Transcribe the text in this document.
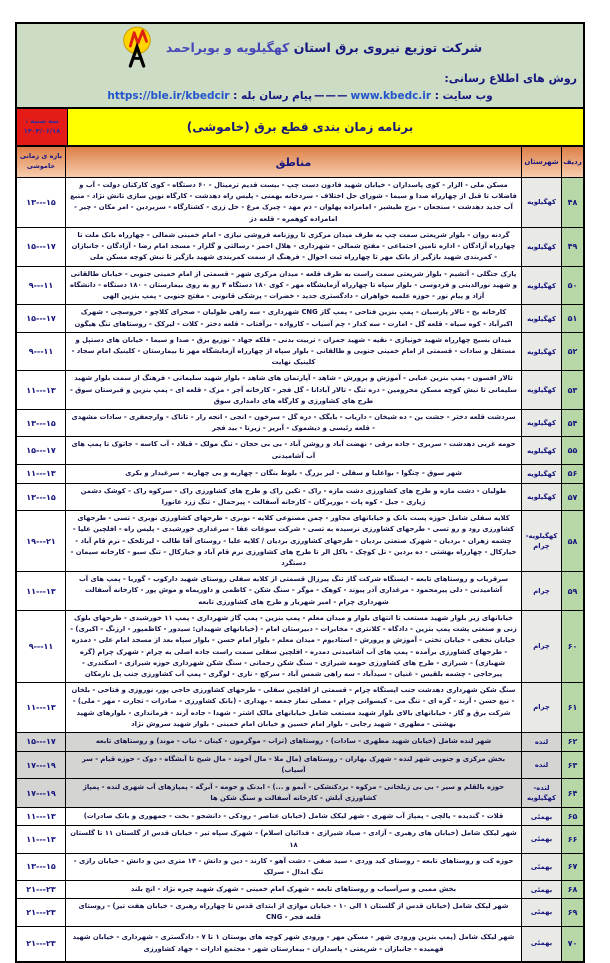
شرکت توزیع نیروی برق استان کهگیلویه و بویراحمد
روش های اطلاع رسانی:
وب سایت : www.kbedc.ir———پیام رسان بله : https://ble.ir/kbedcir
سه شنبه :
۱۴۰۴/۰۶/۱۸	برنامه زمان بندی قطع برق (خاموشی)
ردیف
شهرستان
مناطق
بازه ی زمانی خاموشی
۴۸
کهگیلویه
مسکن ملی - الزار - کوی پاسداران - خیابان شهید فادون دست چپ - بیست قدیم ترمینال - ۶۰ دستگاه - کوی کارکنان دولت - آب و فاضلاب تا قبل از چهارراه صدا و سیما - شورای حل اختلاف - سردخانه بهمنی - پلیس راه دهدشت - کارگاه نوین سازی تانش نژاد - منبع آب جدید دهدشت - سنجعان - برج طیشیر - امامزاده پهلوان - دم مهد - چیرک مرغ - حل زری - کشتارگاه - سربردین - امر مکان - چیر - امامزاده کوهمره - قلعه دز
۱۳---۱۵
۴۹
کهگیلویه
گردنه روان - بلوار شریعتی سمت چپ به طرف میدان مرکزی تا روزنامه فروشی نیازی - امام خمینی شمالی - چهارراه بانک ملت تا چهارراه آزادگان - اداره تامین اجتماعی - مفتح شمالی - شهرداری - هلال احمر - رسالتی و گلزار - مسجد امام رضا - آزادگان - جانبازان - کمربندی شهید بازگیر از بانک مهر تا چهارراه ثبت احوال - فرهنگ از سمت کمربندی شهید بازگیر تا نبش کوچه مسکن ملی
۱۵---۱۷
۵۰
کهگیلویه
پارک جنگلی - آتشیم - بلوار شریعتی سمت راست به طرف قلعه - میدان مرکزی شهر - قسمتی از امام خمینی جنوبی - خیابان طالقانی و شهید نورالدینی و فردوسی - بلوار سپاه تا چهارراه آزمایشگاه مهر - کوی ۱۸۰ دستگاه ۴ رو به روی بیمارستان - ۱۸۰ دستگاه - دانشگاه آزاد و پیام نور - حوزه علمیه خواهران - دادگستری جدید - خضرات - پزشکی قانونی - مفتح جنوبی - پمپ بنزین الهی
۹---۱۱
۵۱
کهگیلویه
کارخانه یخ - تالار پارسیان - پمپ بنزین فتاحی - پمپ گاز CNG شهرداری - سه راهی طولیان - صحرای کلاچو - جروسچی - شهرک اکبرآباد - کوه سیاه - قلعه گل - امارت - سه کدار - چم آسیاب - کارواده - برآفتاب - قلعه دختر - کلات - لیرکک - روستاهای تنگ هیگون
۱۵---۱۷
۵۲
کهگیلویه
میدان بسیج چهارراه شهید خونیازی - نقیه - شهید جمران - تربیت بدنی - فلکه جهاد - توزیع برق - صدا و سیما - خیابان های دستپل و مستقل و سادات - قسمتی از امام خمینی جنوبی و طالقانی - بلوار سپاه از چهارراه آزمایشگاه مهر تا بیمارستان - کلینیک امام سجاد - کلینیک نهایت
۹---۱۱
۵۳
کهگیلویه
تالار افسون - پمپ بنزین عبایی - آموزش و پرورش - شاهد - آپارتمان های شاهد - بلوار شهید سلیمانی - فرهنگ از سمت بلوار شهید سلیمانی تا نبش کوچه مسکن محرومین - دره تنگ - تالار آبادانا - گل فجر - کارخانه آجر - مزک - قلعه ای - پمپ بنزین و قبرستان سوق - طرح های کشاورزی و کارگاه های دامداری سوق
۱۱---۱۳
۵۴
کهگیلویه
سردشت قلعه دختر - جشت بن - ده شیخان - داریاب - بایگک - دره گل - سرخون - انجی - انجه رار - تاناک - وارجعفری - سادات مشهدی - قلعه رئیسی و دیشموک - آبریز - زیرنا - بید فجر
۱۳---۱۵
۵۵
کهگیلویه
حومه غربی دهدشت - سربری - جاده برقی - نهضت آباد و روشن آباد - بی بی حجان - تنگ مولک - قبلاد - آب کاسه - جاتوک تا پمپ های آب آشامیدنی
۱۵---۱۷
۵۶
کهگیلویه
شهر سوق - چنگوا - بواعلیا و سفلی - لیر بزرگ - بلوط بنگان - چهاربه و بی چهاربه - سرغیدار و بکری
۱۱---۱۳
۵۷
کهگیلویه
طولیان - دشت مازه و طرح های کشاورزی دشت مازه - راک - تکین راک و طرح های کشاورزی راک - سرکوه راک - کوشک دشمن زیاری - جبل - کوه پات - بوربرگان - کارخانه آسفالت - پیرحمال - تنگ زرد عانورا
۱۳---۱۵
۵۸
کهگیلویه-چرام
کلایه سفلی شامل حوزه پست بانک و خیابانهای مجاور - چمن مصنوعی کلایه - نوبری - طرحهای کشاورزی نوبری - تسی - طرحهای کشاورزی رود و رو تسی - طرحهای کشاورزی نرسیده به تسی - شرکت سوغات عقا - سرغداری خورشیدی - پلیس راه - افلچین علیا - چشمه زهران - بردیان - شهرک صنعتی بردیان - طرحهای کشاورزی بردیان / کلایه علیا - روستای آقا طالب - لیرتلخک - نرم قام آباد - خیارکال - چهارراه بهشتی - ده بردین - تل کوچک - باکل الر تا طرح های کشاورزی نرم قام آباد و خیارکال - تنگ سبو - کارخانه سیمان - دستگرد
۱۹---۲۱
۵۹
چرام
سرقریاب و روستاهای تابعه - ایستگاه شرکت گاز تنگ پیرزال قسمتی از کلایه سفلی روستای شهید دارکوب - گوربا - پمپ های آب آشامیدنی - دلی پیرمحمود - مرغداری آذر پیوند - کوهک - موگر - سنگ شکن - کاظمی و داوریماه و موش پور - کارخانه آسفالت شهرداری چرام - امیر شهریار و طرح های کشاورزی تابعه
۱۱---۱۳
۶۰
چرام
خیابانهای زیر بلوار شهید مستعب تا انتهای بلوار و میدان معلم - پمپ بنزین - پمپ گاز شهرداری - پمپ ۱۱ خورشیدی - طرحهای بلوک زنی و صنعتی پشت پمپ بنزین - دادگاه - کلانتری - مخابرات - دبیرستان امام - (خیابانهای شهیدان: سیدور - کاظمپور - ارزنگ - اکبری) - خیابان نجفی - خیابان تختی - آموزش و پرورش - استادیوم - میدان معلم - بلوار امام حسن - بلوار سپاه بعد از مسجد امام علی - دمدره - طرحهای کشاورزی برآمده - پمپ های آب آشامیدنی دمدره - افلچین سفلی سمت راست جاده اصلی به چرام - شهرک چرام (گره شهبازی) - شیرازی - طرح های کشاورزی حومه شیرازی - سنگ شکن رحمانی - سنگ شکن شهرداری حوزه شیرازی - اسکندری - پیرحاجی - چشمه بلقیس - غنیان - سیدآباد - سه راهی شمس آباد - سرکچ - ناری - لوگری - پمپ آب کشاورزی جنب پل نارمکان
۹---۱۱
۶۱
چرام
سنگ شکن شهرداری دهدشت جنب ایستگاه چرام - قسمتی از افلچین سفلی - طرحهای کشاورزی حاجی پور، نوروزی و فتاحی - بلخان - نبع حسن - آرند - گره ای - تنگ می - کیسوانی چرام - مصلی نماز جمعه - بهداری - (بانک کشاورزی - صادرات - تجارت - مهر - ملی) - شرکت برق و گاز - خیابانهای بالای بلوار شهید مستعب شامل خیابانهای مالک اشتر - شهدا - جاده آرند - فرمانداری - بلوارهای شهید بهشتی - مطهری - شهید رجایی - بلوار امام حسین و خیابان امام خمینی - بلوار شهید سروش نژاد
۱۱---۱۳
۶۲
لنده
شهر لنده شامل (خیابان شهید مطهری - سادات) - روستاهای (تراب - موگرمون - کینان - نیاب - موند) و روستاهای تابعه
۱۵---۱۷
۶۳
لنده
بخش مرکزی و جنوبی شهر لنده - شهرک بهاران - روستاهای (مال ملا - مال آخوند - مال شیخ تا آبشگاه - دوک - حوزه قیام - سر آسیاب)
۱۷---۱۹
۶۴
لنده-کهگیلویه
حوزه بالقلم و سیر - بی بی زیلخانی - مزکوه - بردکنشکی - آبمو و ...) - ابدنک و حومه - آبرگه - پمپازهای آب شهری لنده - پمپاژ کشاورزی آبلش - کارخانه آسفالت و سنگ شکن ها
۱۷---۱۹
۶۵
بهمئی
قلات - گندیده - یالچی - پمپاژ آب شهری - شهر لیکک شامل (خیابان عناصر - رودکی - دانشجو - بخت - جمهوری و بانک صادرات)
۱۱---۱۳
۶۶
بهمئی
شهر لیکک شامل (خیابان های رهبری - آزادی - صیاد شیرازی - فدائیان اسلام) - شهرک سپاه تیر - خیابان قدس از گلستان ۱۱ تا گلستان ۱۸
۱۱---۱۳
۶۷
بهمئی
حوزه کت و روستاهای تابعه - روستای کید وردی - سید صفی - دشت آهو - کارند - دین و دانش - ۱۴ متری دین و دانش - خیابان رازی - تنگ ابدال - سرلک
۱۳---۱۵
۶۸
بهمئی
بخش ممبی و سرآسیاب و روستاهای تابعه - شهرک امام خمینی - شهرک شهید چیره نژاد - انج بلند
۲۱---۲۳
۶۹
بهمئی
شهر لیکک شامل (خیابان قدس از گلستان ۱ الی ۱۰ - خیابان موازی از ابتدای قدس تا چهارراه رهبری - خیابان هفت تیر) - روستای قلعه فجر - CNG
۲۱---۲۳
۷۰
بهمئی
شهر لیکک شامل (پمپ بنزین ورودی شهر - مسکن مهر - ورودی شهر کوچه های بوستان ۱ تا ۷ - دادگستری - شهرداری - خیابان شهید فهمیده - جانبازان - شریعتی - پاسداران - بیمارستان شهر - مجتمع ادارات - جهاد کشاورزی
۲۱---۲۳
